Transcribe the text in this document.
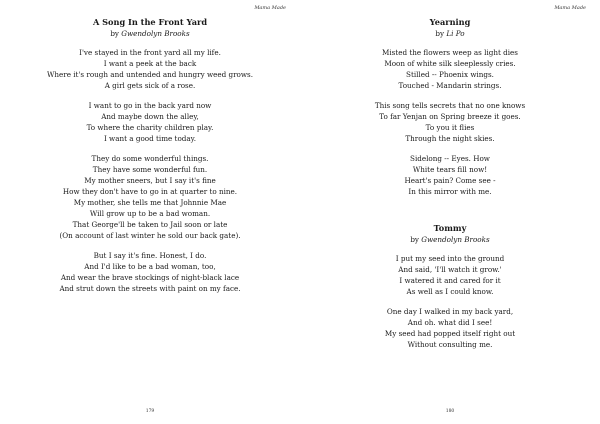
Mama Made

A Song In the Front Yard

by Gwendolyn Brooks

I've stayed in the front yard all my life.
I want a peek at the back
Where it's rough and untended and hungry weed grows.
A girl gets sick of a rose.
I want to go in the back yard now
And maybe down the alley,
To where the charity children play.
I want a good time today.
They do some wonderful things.
They have some wonderful fun.
My mother sneers, but I say it's fine
How they don't have to go in at quarter to nine.
My mother, she tells me that Johnnie Mae
Will grow up to be a bad woman.
That George'll be taken to Jail soon or late
(On account of last winter he sold our back gate).
But I say it's fine. Honest, I do.
And I'd like to be a bad woman, too,
And wear the brave stockings of night-black lace
And strut down the streets with paint on my face.
179
Mama Made

Yearning

by Li Po

Misted the flowers weep as light dies
Moon of white silk sleeplessly cries.
Stilled -- Phoenix wings.
Touched - Mandarin strings.
This song tells secrets that no one knows
To far Yenjan on Spring breeze it goes.
To you it flies
Through the night skies.
Sidelong -- Eyes. How
White tears fill now!
Heart's pain? Come see -
In this mirror with me.

Tommy

by Gwendolyn Brooks

I put my seed into the ground
And said, 'I'll watch it grow.'
I watered it and cared for it
As well as I could know.
One day I walked in my back yard,
And oh. what did I see!
My seed had popped itself right out
Without consulting me.
180
